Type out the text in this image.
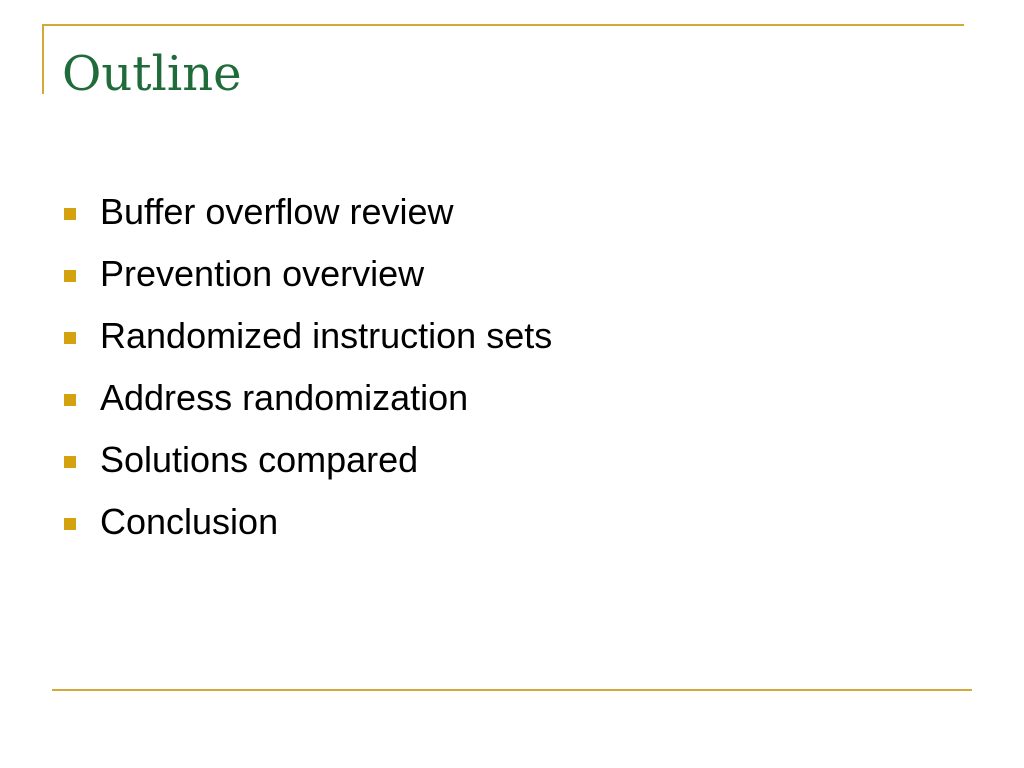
Outline
Buffer overflow review
Prevention overview
Randomized instruction sets
Address randomization
Solutions compared
Conclusion
